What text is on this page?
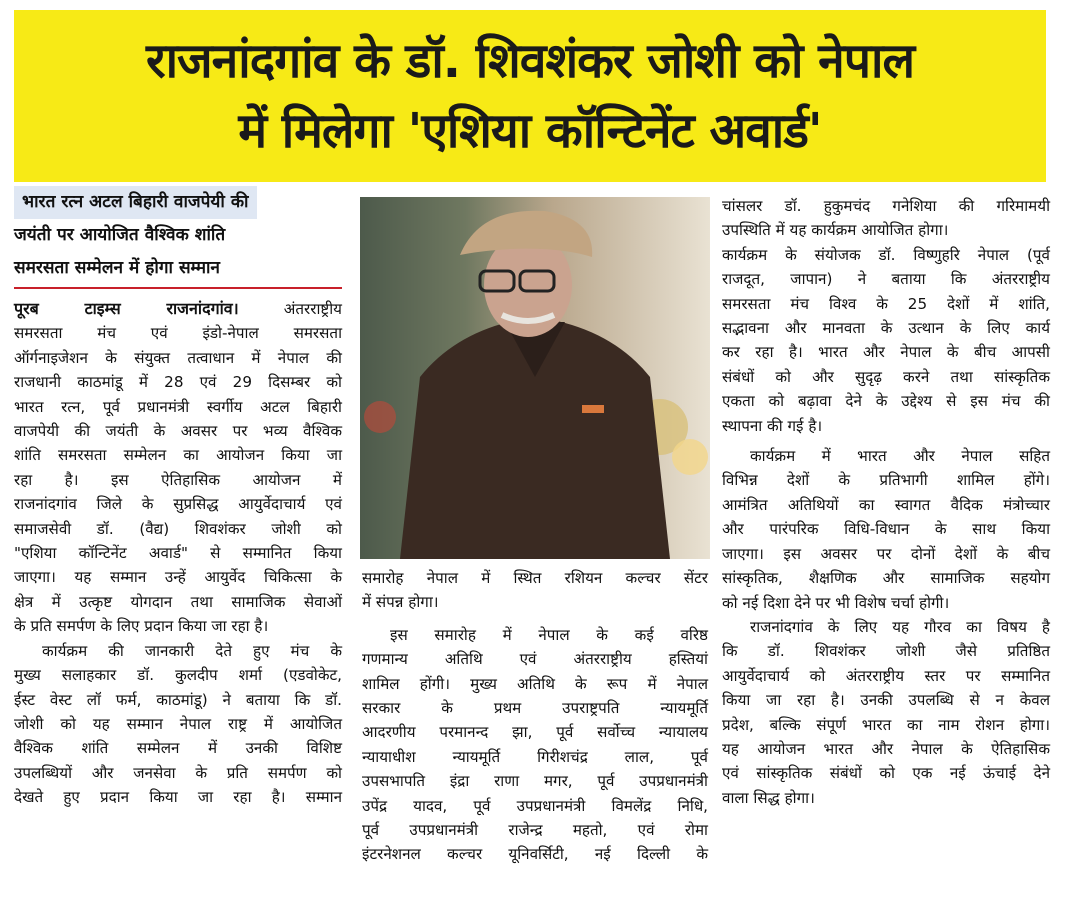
राजनांदगांव के डॉ. शिवशंकर जोशी को नेपाल
में मिलेगा 'एशिया कॉन्टिनेंट अवार्ड'
भारत रत्न अटल बिहारी वाजपेयी की
जयंती पर आयोजित वैश्विक शांति
समरसता सम्मेलन में होगा सम्मान
पूरब टाइम्स राजनांदगांव।	अंतरराष्ट्रीय
समरसता मंच एवं इंडो-नेपाल समरसता
ऑर्गनाइजेशन के संयुक्त तत्वाधान में नेपाल की
राजधानी काठमांडू में 28 एवं 29 दिसम्बर को
भारत रत्न, पूर्व प्रधानमंत्री स्वर्गीय अटल बिहारी
वाजपेयी की जयंती के अवसर पर भव्य वैश्विक
शांति समरसता सम्मेलन का आयोजन किया जा
रहा है। इस ऐतिहासिक आयोजन में
राजनांदगांव जिले के सुप्रसिद्ध आयुर्वेदाचार्य एवं
समाजसेवी डॉ. (वैद्य) शिवशंकर जोशी को
"एशिया कॉन्टिनेंट अवार्ड" से सम्मानित किया
जाएगा। यह सम्मान उन्हें आयुर्वेद चिकित्सा के
क्षेत्र में उत्कृष्ट योगदान तथा सामाजिक सेवाओं
के प्रति समर्पण के लिए प्रदान किया जा रहा है।
कार्यक्रम की जानकारी देते हुए मंच के
मुख्य सलाहकार डॉ. कुलदीप शर्मा (एडवोकेट,
ईस्ट वेस्ट लॉ फर्म, काठमांडू) ने बताया कि डॉ.
जोशी को यह सम्मान नेपाल राष्ट्र में आयोजित
वैश्विक शांति सम्मेलन में उनकी विशिष्ट
उपलब्धियों और जनसेवा के प्रति समर्पण को
देखते हुए प्रदान किया जा रहा है। सम्मान
समारोह नेपाल में स्थित रशियन कल्चर सेंटर
में संपन्न होगा।
इस समारोह में नेपाल के कई वरिष्ठ
गणमान्य अतिथि एवं अंतरराष्ट्रीय हस्तियां
शामिल होंगी। मुख्य अतिथि के रूप में नेपाल
सरकार के प्रथम उपराष्ट्रपति न्यायमूर्ति
आदरणीय परमानन्द झा, पूर्व सर्वोच्च न्यायालय
न्यायाधीश न्यायमूर्ति गिरीशचंद्र लाल, पूर्व
उपसभापति इंद्रा राणा मगर, पूर्व उपप्रधानमंत्री
उपेंद्र यादव, पूर्व उपप्रधानमंत्री विमलेंद्र निधि,
पूर्व उपप्रधानमंत्री राजेन्द्र महतो, एवं रोमा
इंटरनेशनल कल्चर यूनिवर्सिटी, नई दिल्ली के
चांसलर डॉ. हुकुमचंद गनेशिया की गरिमामयी
उपस्थिति में यह कार्यक्रम आयोजित होगा।
कार्यक्रम के संयोजक डॉ. विष्णुहरि नेपाल (पूर्व
राजदूत, जापान) ने बताया कि अंतरराष्ट्रीय
समरसता मंच विश्व के 25 देशों में शांति,
सद्भावना और मानवता के उत्थान के लिए कार्य
कर रहा है। भारत और नेपाल के बीच आपसी
संबंधों को और सुदृढ़ करने तथा सांस्कृतिक
एकता को बढ़ावा देने के उद्देश्य से इस मंच की
स्थापना की गई है।
कार्यक्रम में भारत और नेपाल सहित
विभिन्न देशों के प्रतिभागी शामिल होंगे।
आमंत्रित अतिथियों का स्वागत वैदिक मंत्रोच्चार
और पारंपरिक विधि-विधान के साथ किया
जाएगा। इस अवसर पर दोनों देशों के बीच
सांस्कृतिक, शैक्षणिक और सामाजिक सहयोग
को नई दिशा देने पर भी विशेष चर्चा होगी।
राजनांदगांव के लिए यह गौरव का विषय है
कि डॉ. शिवशंकर जोशी जैसे प्रतिष्ठित
आयुर्वेदाचार्य को अंतरराष्ट्रीय स्तर पर सम्मानित
किया जा रहा है। उनकी उपलब्धि से न केवल
प्रदेश, बल्कि संपूर्ण भारत का नाम रोशन होगा।
यह आयोजन भारत और नेपाल के ऐतिहासिक
एवं सांस्कृतिक संबंधों को एक नई ऊंचाई देने
वाला सिद्ध होगा।
